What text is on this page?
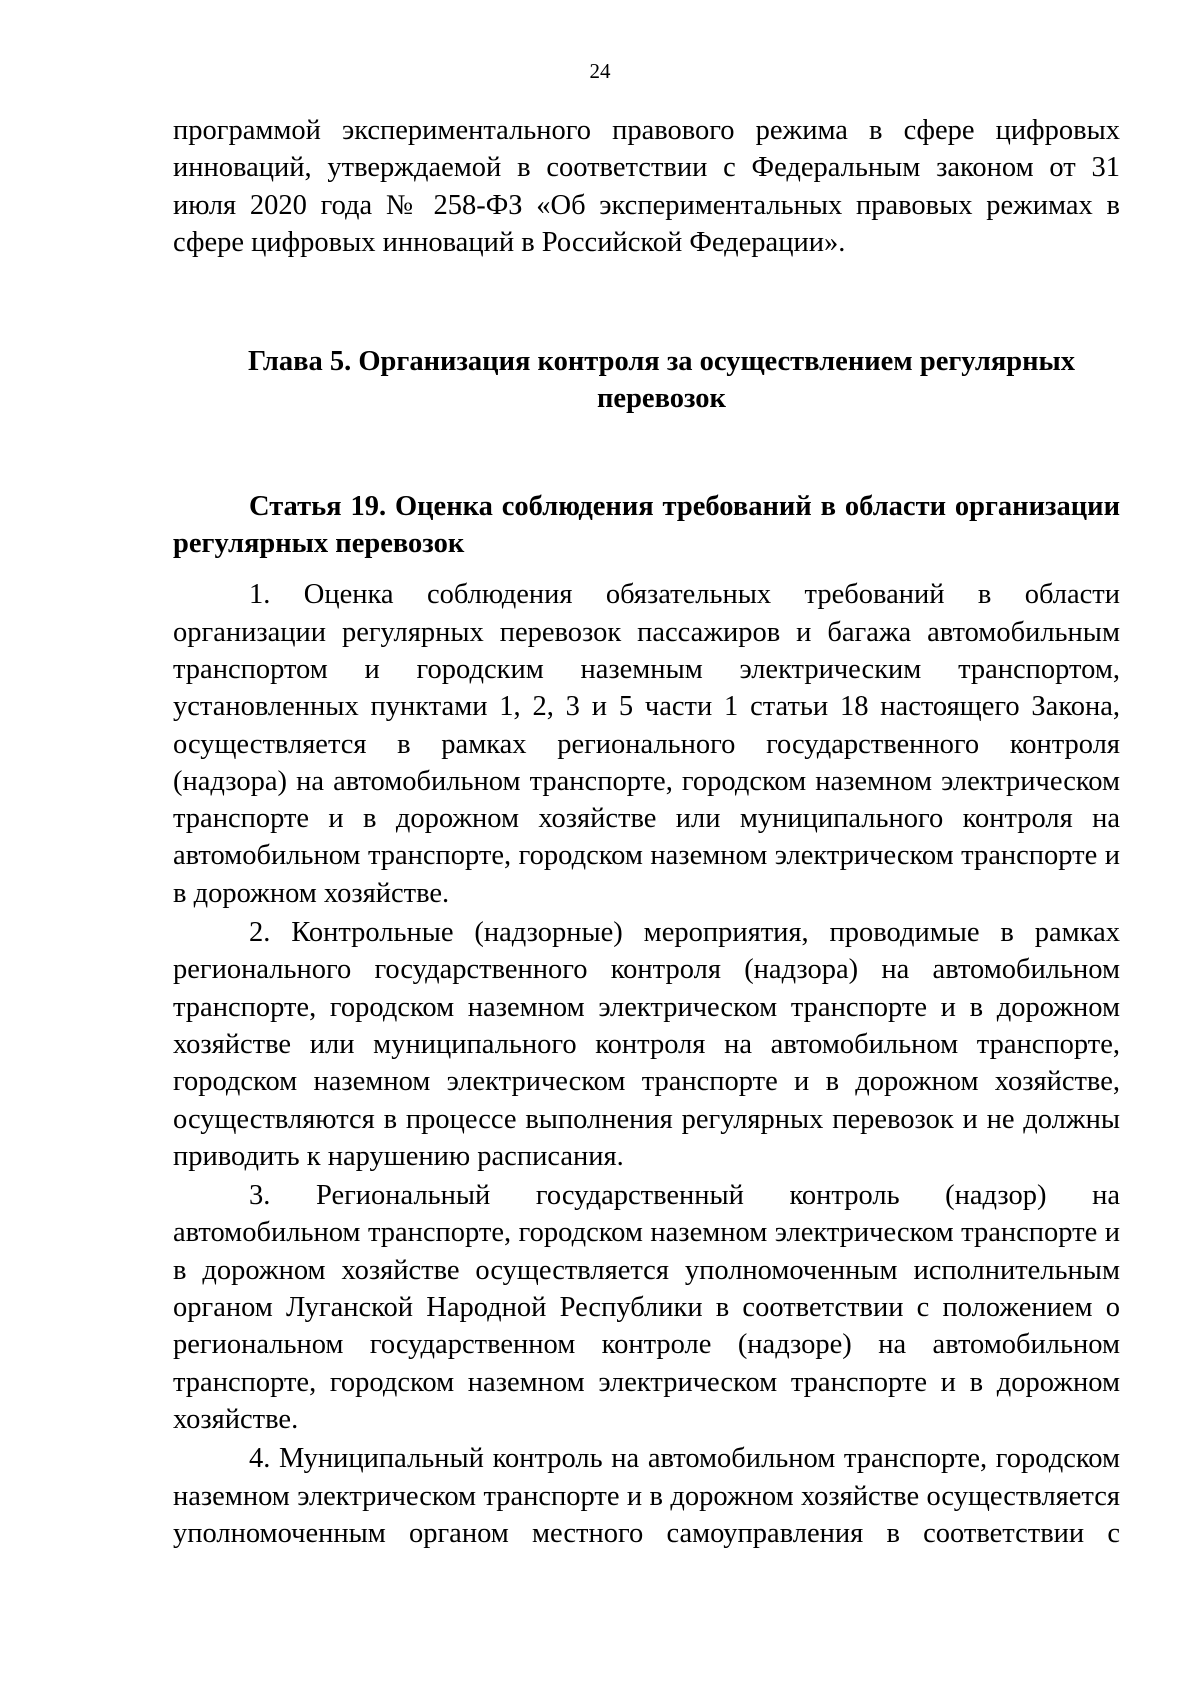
24

программой экспериментального правового режима в сфере цифровых инноваций, утверждаемой в соответствии с Федеральным законом от 31 июля 2020 года № 258-ФЗ «Об экспериментальных правовых режимах в сфере цифровых инноваций в Российской Федерации».

Глава 5. Организация контроля за осуществлением регулярных перевозок

Статья 19. Оценка соблюдения требований в области организации регулярных перевозок

1. Оценка соблюдения обязательных требований в области организации регулярных перевозок пассажиров и багажа автомобильным транспортом и городским наземным электрическим транспортом, установленных пунктами 1, 2, 3 и 5 части 1 статьи 18 настоящего Закона, осуществляется в рамках регионального государственного контроля (надзора) на автомобильном транспорте, городском наземном электрическом транспорте и в дорожном хозяйстве или муниципального контроля на автомобильном транспорте, городском наземном электрическом транспорте и в дорожном хозяйстве.

2. Контрольные (надзорные) мероприятия, проводимые в рамках регионального государственного контроля (надзора) на автомобильном транспорте, городском наземном электрическом транспорте и в дорожном хозяйстве или муниципального контроля на автомобильном транспорте, городском наземном электрическом транспорте и в дорожном хозяйстве, осуществляются в процессе выполнения регулярных перевозок и не должны приводить к нарушению расписания.

3. Региональный государственный контроль (надзор) на автомобильном транспорте, городском наземном электрическом транспорте и в дорожном хозяйстве осуществляется уполномоченным исполнительным органом Луганской Народной Республики в соответствии с положением о региональном государственном контроле (надзоре) на автомобильном транспорте, городском наземном электрическом транспорте и в дорожном хозяйстве.

4. Муниципальный контроль на автомобильном транспорте, городском наземном электрическом транспорте и в дорожном хозяйстве осуществляется уполномоченным органом местного самоуправления в соответствии с
